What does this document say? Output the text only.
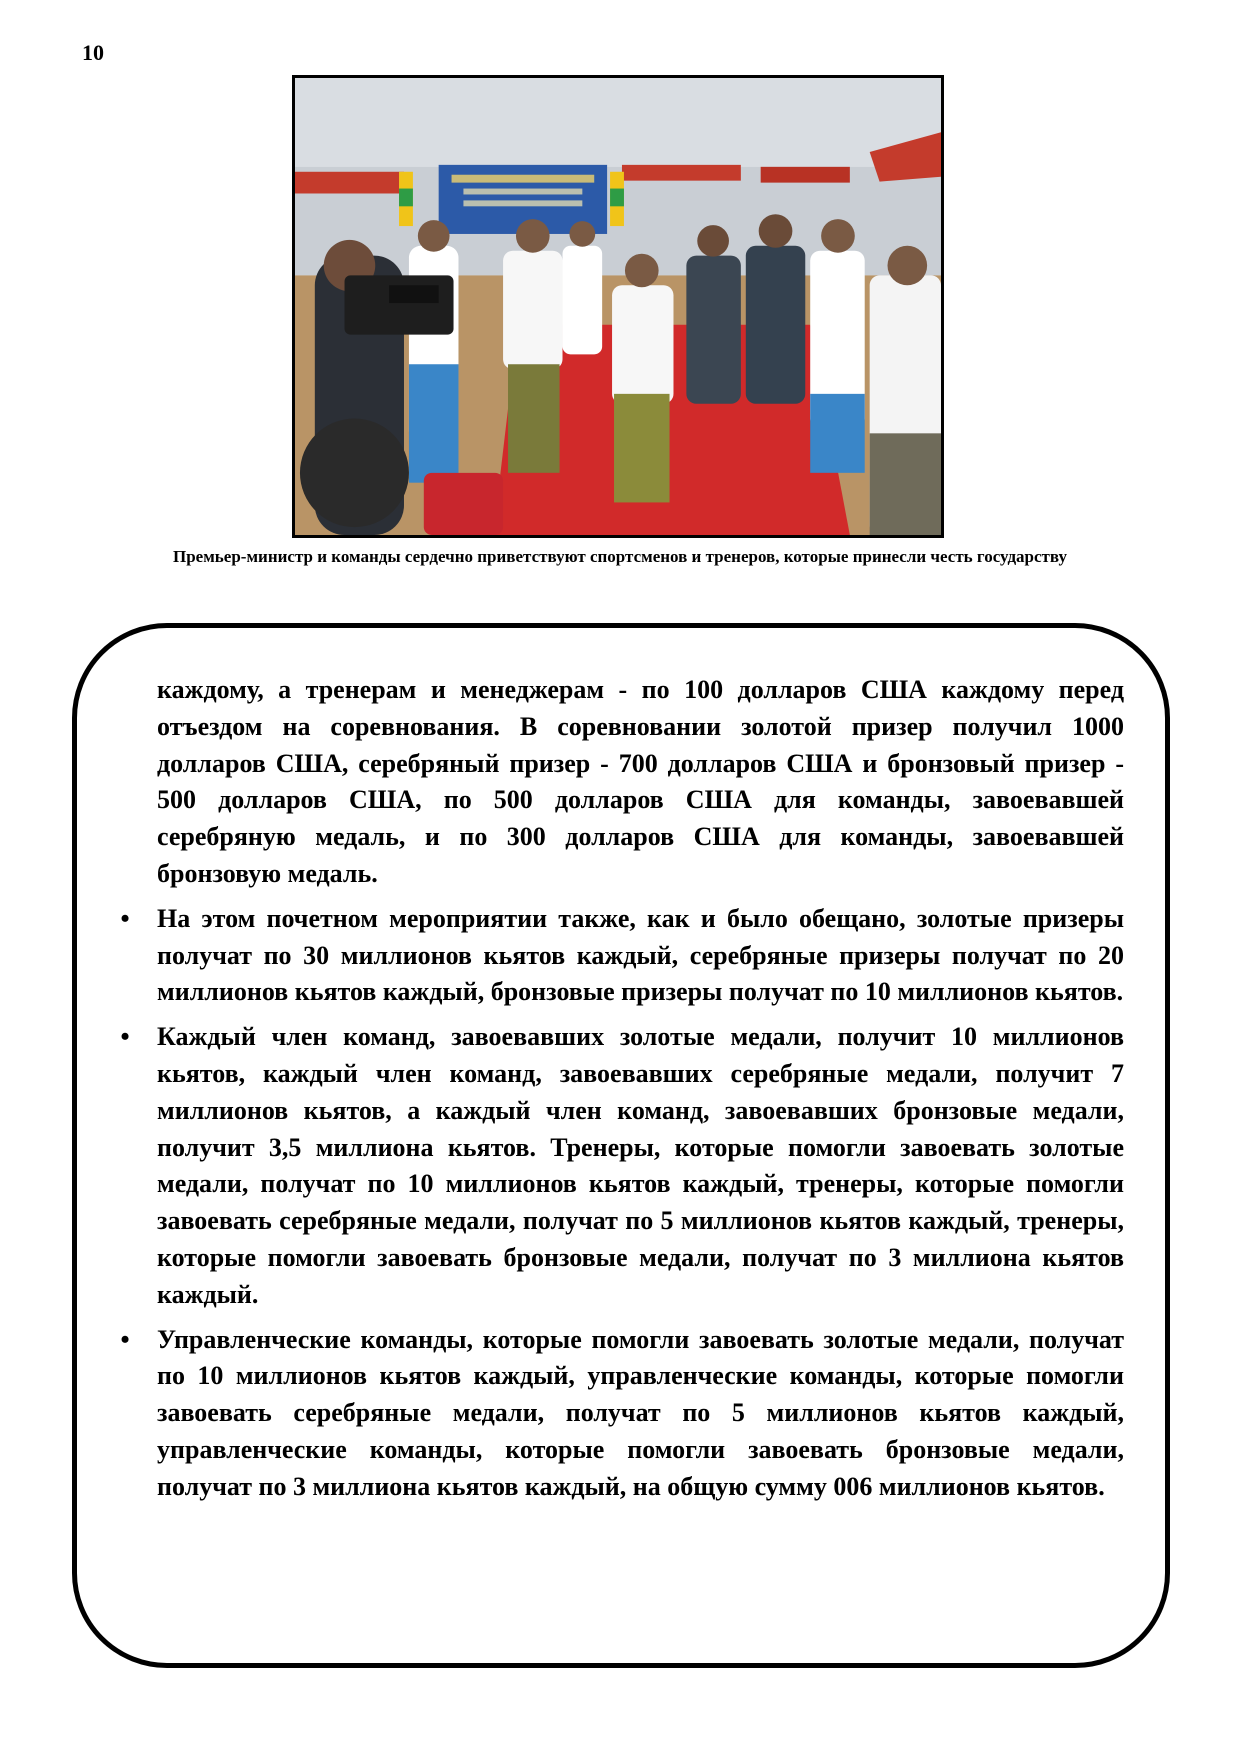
10
Премьер-министр и команды сердечно приветствуют спортсменов и тренеров, которые принесли честь государству

каждому, а тренерам и менеджерам - по 100 долларов США каждому перед отъездом на соревнования. В соревновании золотой призер получил 1000 долларов США, серебряный призер - 700 долларов США и бронзовый призер - 500 долларов США, по 500 долларов США для команды, завоевавшей серебряную медаль, и по 300 долларов США для команды, завоевавшей бронзовую медаль.

• На этом почетном мероприятии также, как и было обещано, золотые призеры получат по 30 миллионов кьятов каждый, серебряные призеры получат по 20 миллионов кьятов каждый, бронзовые призеры получат по 10 миллионов кьятов.
• Каждый член команд, завоевавших золотые медали, получит 10 миллионов кьятов, каждый член команд, завоевавших серебряные медали, получит 7 миллионов кьятов, а каждый член команд, завоевавших бронзовые медали, получит 3,5 миллиона кьятов. Тренеры, которые помогли завоевать золотые медали, получат по 10 миллионов кьятов каждый, тренеры, которые помогли завоевать серебряные медали, получат по 5 миллионов кьятов каждый, тренеры, которые помогли завоевать бронзовые медали, получат по 3 миллиона кьятов каждый.
• Управленческие команды, которые помогли завоевать золотые медали, получат по 10 миллионов кьятов каждый, управленческие команды, которые помогли завоевать серебряные медали, получат по 5 миллионов кьятов каждый, управленческие команды, которые помогли завоевать бронзовые медали, получат по 3 миллиона кьятов каждый, на общую сумму 006 миллионов кьятов.
